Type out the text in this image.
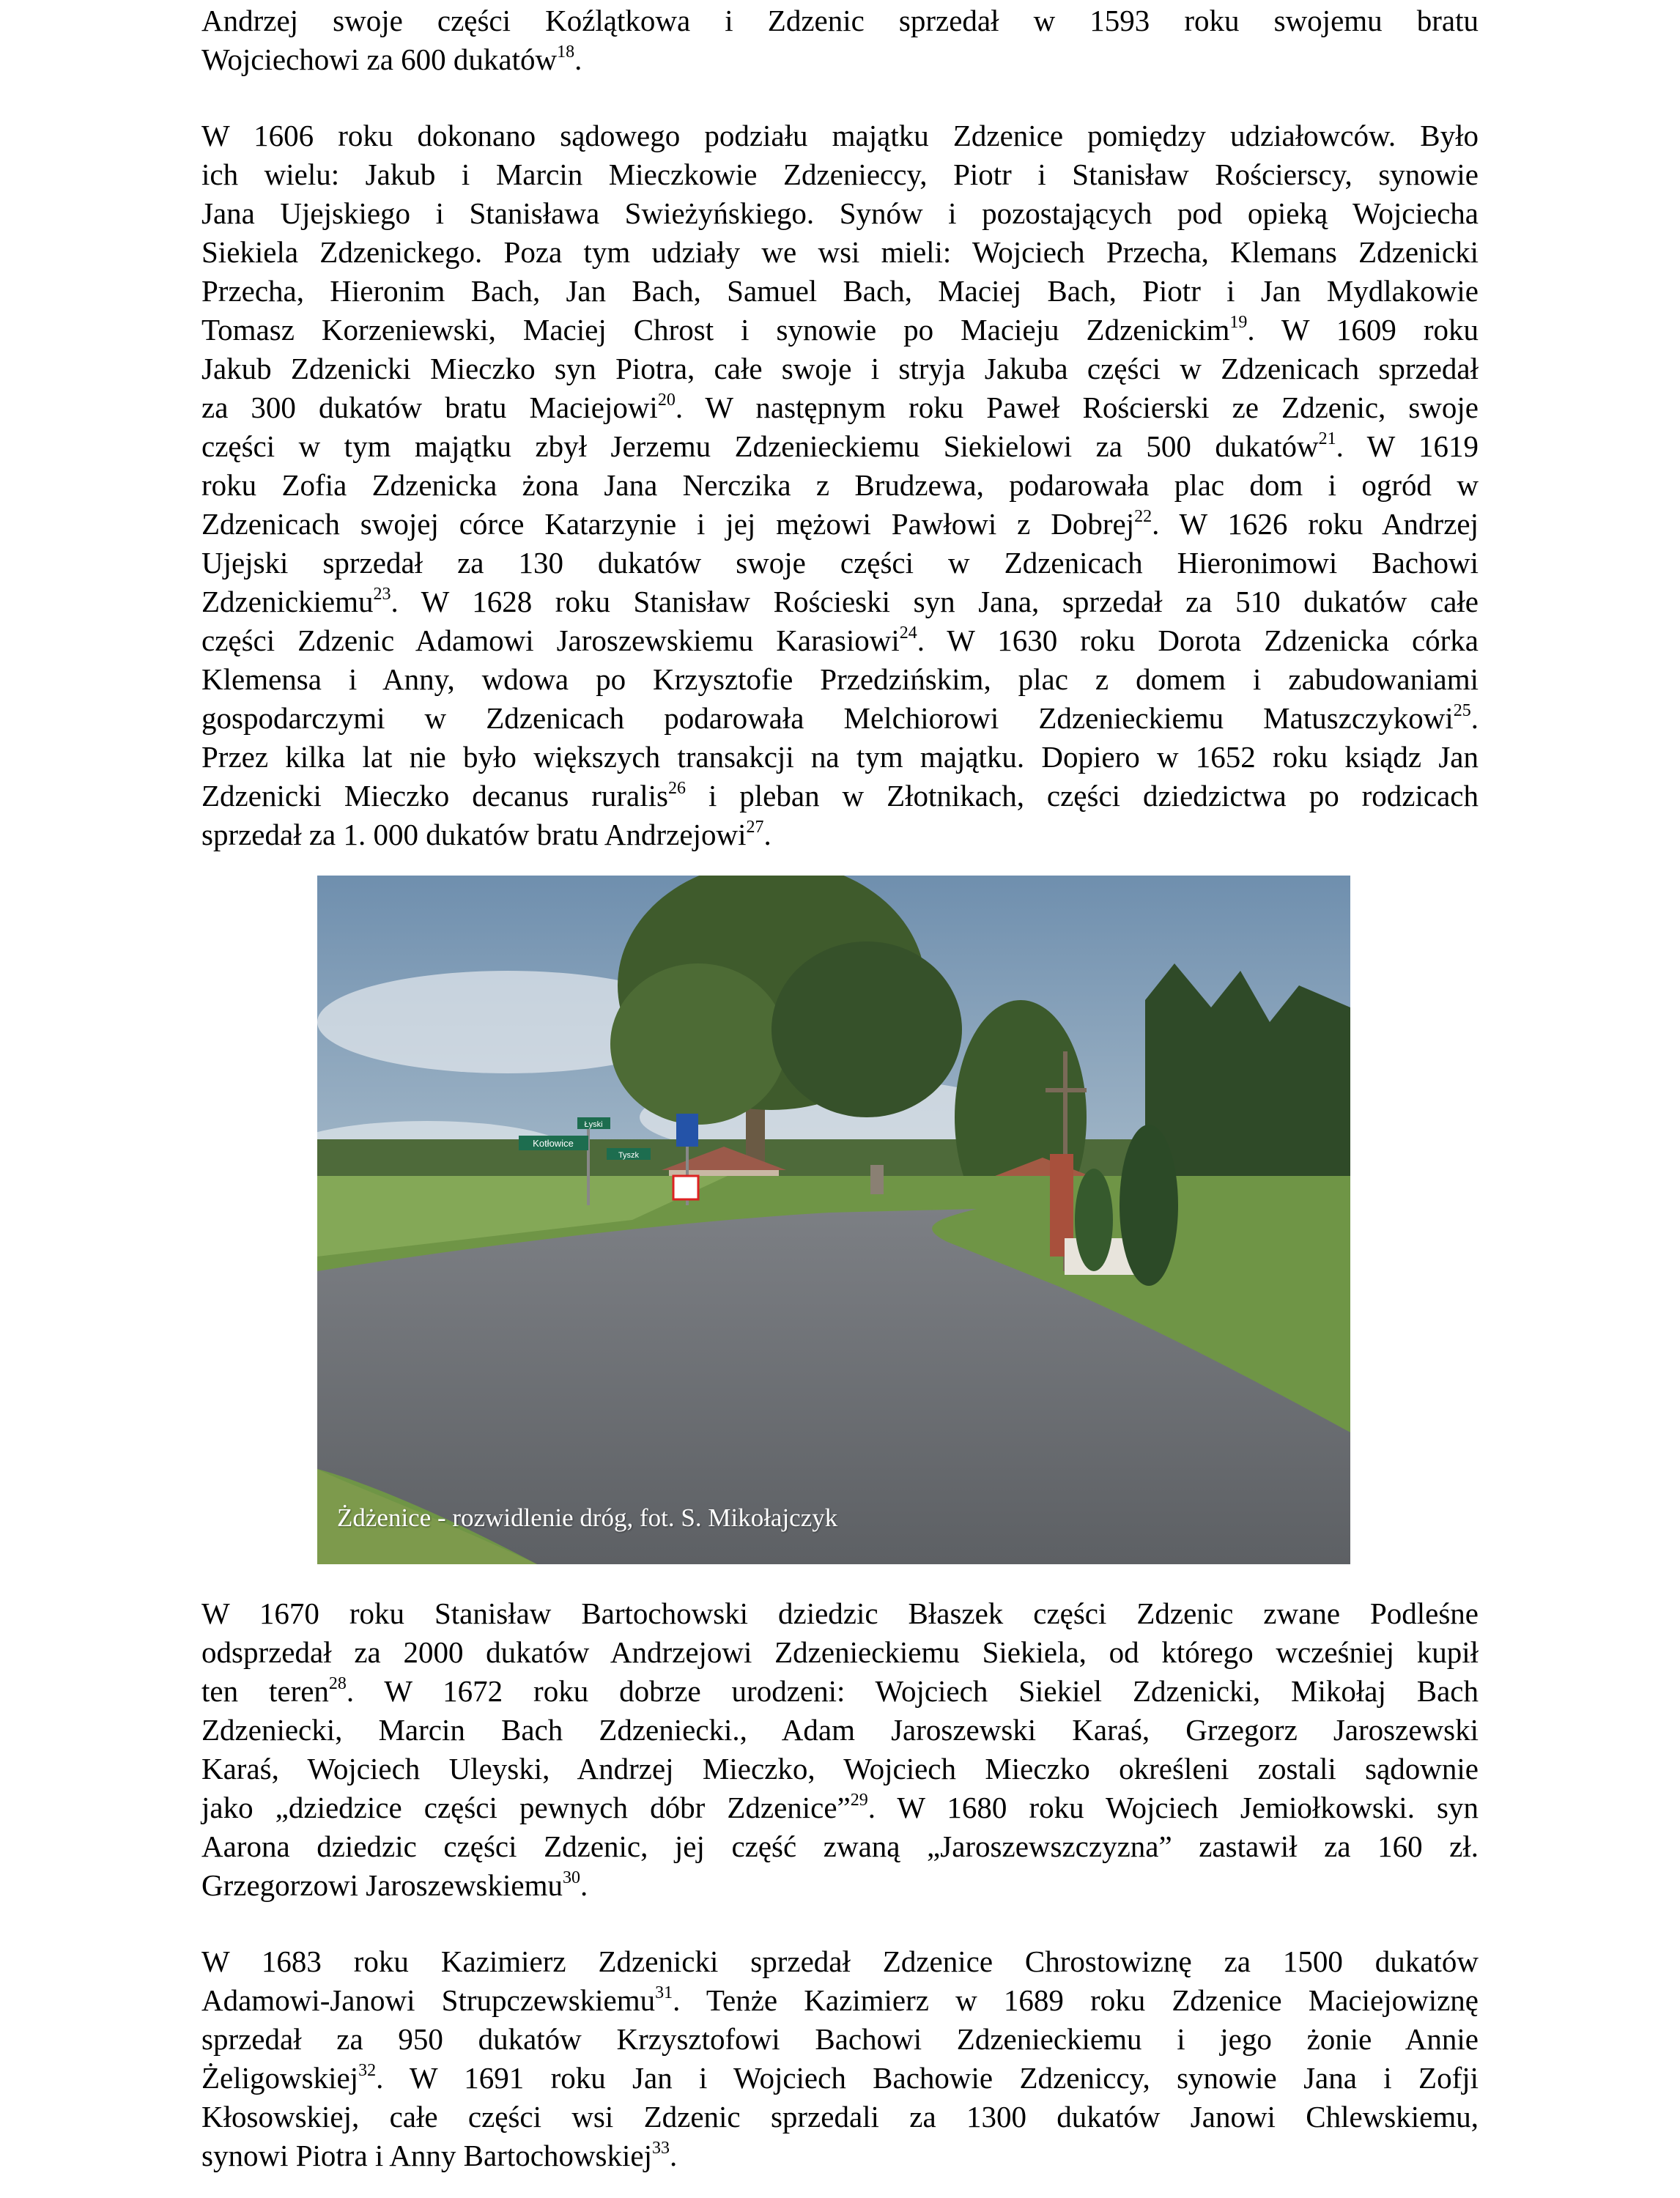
Andrzej swoje części Koźlątkowa i Zdzenic sprzedał w 1593 roku swojemu bratu
Wojciechowi za 600 dukatów$^{18}$.
W 1606 roku dokonano sądowego podziału majątku Zdzenice pomiędzy udziałowców. Było
ich wielu: Jakub i Marcin Mieczkowie Zdzenieccy, Piotr i Stanisław Rościerscy, synowie
Jana Ujejskiego i Stanisława Swieżyńskiego. Synów i pozostających pod opieką Wojciecha
Siekiela Zdzenickego. Poza tym udziały we wsi mieli: Wojciech Przecha, Klemans Zdzenicki
Przecha, Hieronim Bach, Jan Bach, Samuel Bach, Maciej Bach, Piotr i Jan Mydlakowie
Tomasz Korzeniewski, Maciej Chrost i synowie po Macieju Zdzenickim$^{19}$. W 1609 roku
Jakub Zdzenicki Mieczko syn Piotra, całe swoje i stryja Jakuba części w Zdzenicach sprzedał
za 300 dukatów bratu Maciejowi$^{20}$. W następnym roku Paweł Rościerski ze Zdzenic, swoje
części w tym majątku zbył Jerzemu Zdzenieckiemu Siekielowi za 500 dukatów$^{21}$. W 1619
roku Zofia Zdzenicka żona Jana Nerczika z Brudzewa, podarowała plac dom i ogród w
Zdzenicach swojej córce Katarzynie i jej mężowi Pawłowi z Dobrej$^{22}$. W 1626 roku Andrzej
Ujejski sprzedał za 130 dukatów swoje części w Zdzenicach Hieronimowi Bachowi
Zdzenickiemu$^{23}$. W 1628 roku Stanisław Rościeski syn Jana, sprzedał za 510 dukatów całe
części Zdzenic Adamowi Jaroszewskiemu Karasiowi$^{24}$. W 1630 roku Dorota Zdzenicka córka
Klemensa i Anny, wdowa po Krzysztofie Przedzińskim, plac z domem i zabudowaniami
gospodarczymi w Zdzenicach podarowała Melchiorowi Zdzenieckiemu Matuszczykowi$^{25}$.
Przez kilka lat nie było większych transakcji na tym majątku. Dopiero w 1652 roku ksiądz Jan
Zdzenicki Mieczko decanus ruralis$^{26}$ i pleban w Złotnikach, części dziedzictwa po rodzicach
sprzedał za 1. 000 dukatów bratu Andrzejowi$^{27}$.
Kotłowice
Łyski
Tyszk
Żdżenice - rozwidlenie dróg, fot. S. Mikołajczyk
W 1670 roku Stanisław Bartochowski dziedzic Błaszek części Zdzenic zwane Podleśne
odsprzedał za 2000 dukatów Andrzejowi Zdzenieckiemu Siekiela, od którego wcześniej kupił
ten teren$^{28}$. W 1672 roku dobrze urodzeni: Wojciech Siekiel Zdzenicki, Mikołaj Bach
Zdzeniecki, Marcin Bach Zdzeniecki., Adam Jaroszewski Karaś, Grzegorz Jaroszewski
Karaś, Wojciech Uleyski, Andrzej Mieczko, Wojciech Mieczko określeni zostali sądownie
jako „dziedzice części pewnych dóbr Zdzenice”$^{29}$. W 1680 roku Wojciech Jemiołkowski. syn
Aarona dziedzic części Zdzenic, jej część zwaną „Jaroszewszczyzna” zastawił za 160 zł.
Grzegorzowi Jaroszewskiemu$^{30}$.
W 1683 roku Kazimierz Zdzenicki sprzedał Zdzenice Chrostowiznę za 1500 dukatów
Adamowi-Janowi Strupczewskiemu$^{31}$. Tenże Kazimierz w 1689 roku Zdzenice Maciejowiznę
sprzedał za 950 dukatów Krzysztofowi Bachowi Zdzenieckiemu i jego żonie Annie
Żeligowskiej$^{32}$. W 1691 roku Jan i Wojciech Bachowie Zdzeniccy, synowie Jana i Zofji
Kłosowskiej, całe części wsi Zdzenic sprzedali za 1300 dukatów Janowi Chlewskiemu,
synowi Piotra i Anny Bartochowskiej$^{33}$.
